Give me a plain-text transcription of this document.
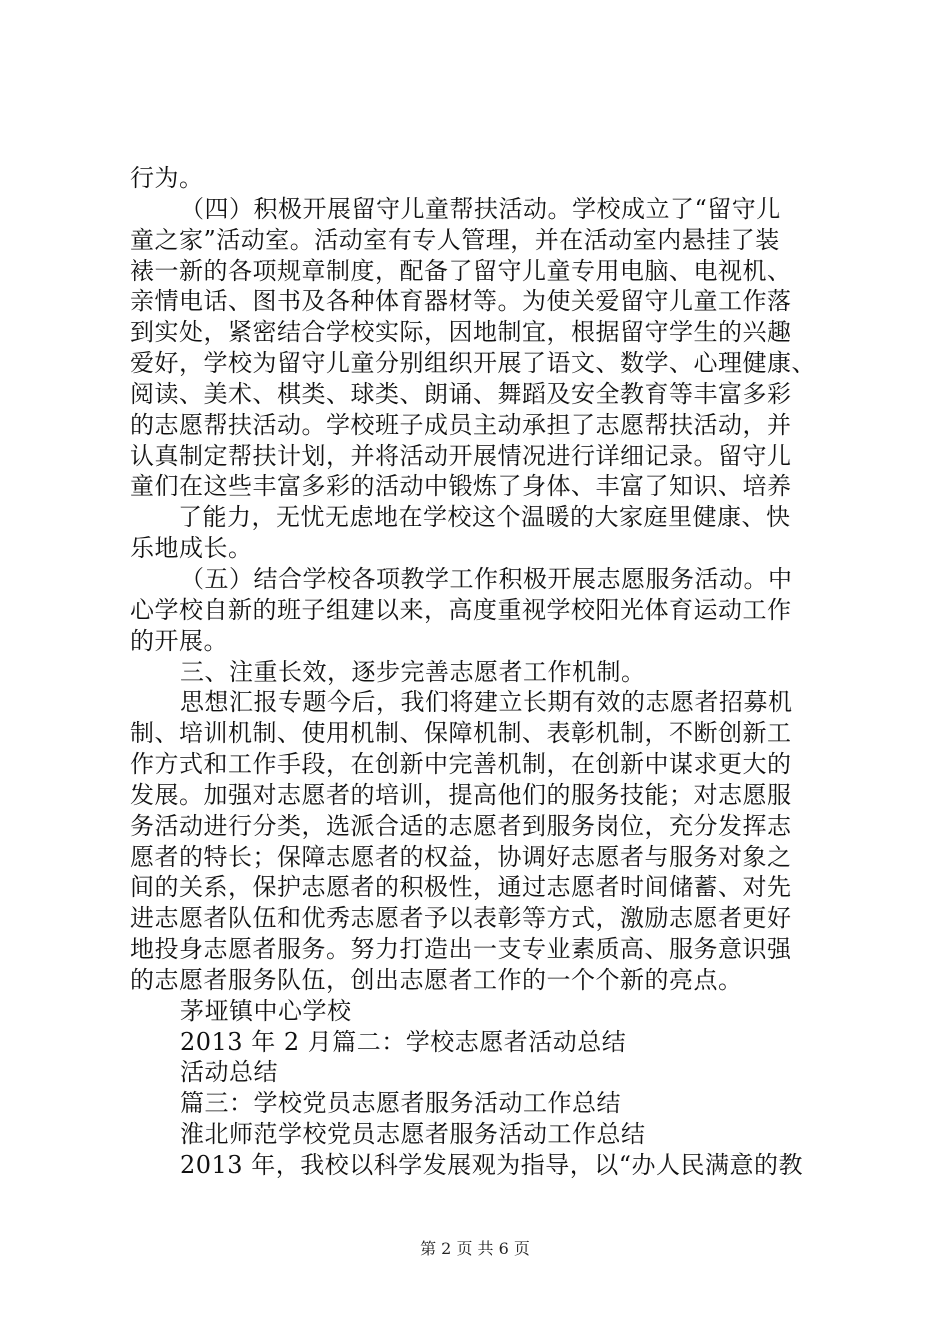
行为。
（四）积极开展留守儿童帮扶活动。学校成立了“留守儿
童之家”活动室。活动室有专人管理，并在活动室内悬挂了装
裱一新的各项规章制度，配备了留守儿童专用电脑、电视机、
亲情电话、图书及各种体育器材等。为使关爱留守儿童工作落
到实处，紧密结合学校实际，因地制宜，根据留守学生的兴趣
爱好，学校为留守儿童分别组织开展了语文、数学、心理健康、
阅读、美术、棋类、球类、朗诵、舞蹈及安全教育等丰富多彩
的志愿帮扶活动。学校班子成员主动承担了志愿帮扶活动，并
认真制定帮扶计划，并将活动开展情况进行详细记录。留守儿
童们在这些丰富多彩的活动中锻炼了身体、丰富了知识、培养
了能力，无忧无虑地在学校这个温暖的大家庭里健康、快
乐地成长。
（五）结合学校各项教学工作积极开展志愿服务活动。中
心学校自新的班子组建以来，高度重视学校阳光体育运动工作
的开展。
三、注重长效，逐步完善志愿者工作机制。
思想汇报专题今后，我们将建立长期有效的志愿者招募机
制、培训机制、使用机制、保障机制、表彰机制，不断创新工
作方式和工作手段，在创新中完善机制，在创新中谋求更大的
发展。加强对志愿者的培训，提高他们的服务技能；对志愿服
务活动进行分类，选派合适的志愿者到服务岗位，充分发挥志
愿者的特长；保障志愿者的权益，协调好志愿者与服务对象之
间的关系，保护志愿者的积极性，通过志愿者时间储蓄、对先
进志愿者队伍和优秀志愿者予以表彰等方式，激励志愿者更好
地投身志愿者服务。努力打造出一支专业素质高、服务意识强
的志愿者服务队伍，创出志愿者工作的一个个新的亮点。
茅垭镇中心学校
2013 年 2 月篇二：学校志愿者活动总结
活动总结
篇三：学校党员志愿者服务活动工作总结
淮北师范学校党员志愿者服务活动工作总结
2013 年，我校以科学发展观为指导，以“办人民满意的教
第 2 页 共 6 页
